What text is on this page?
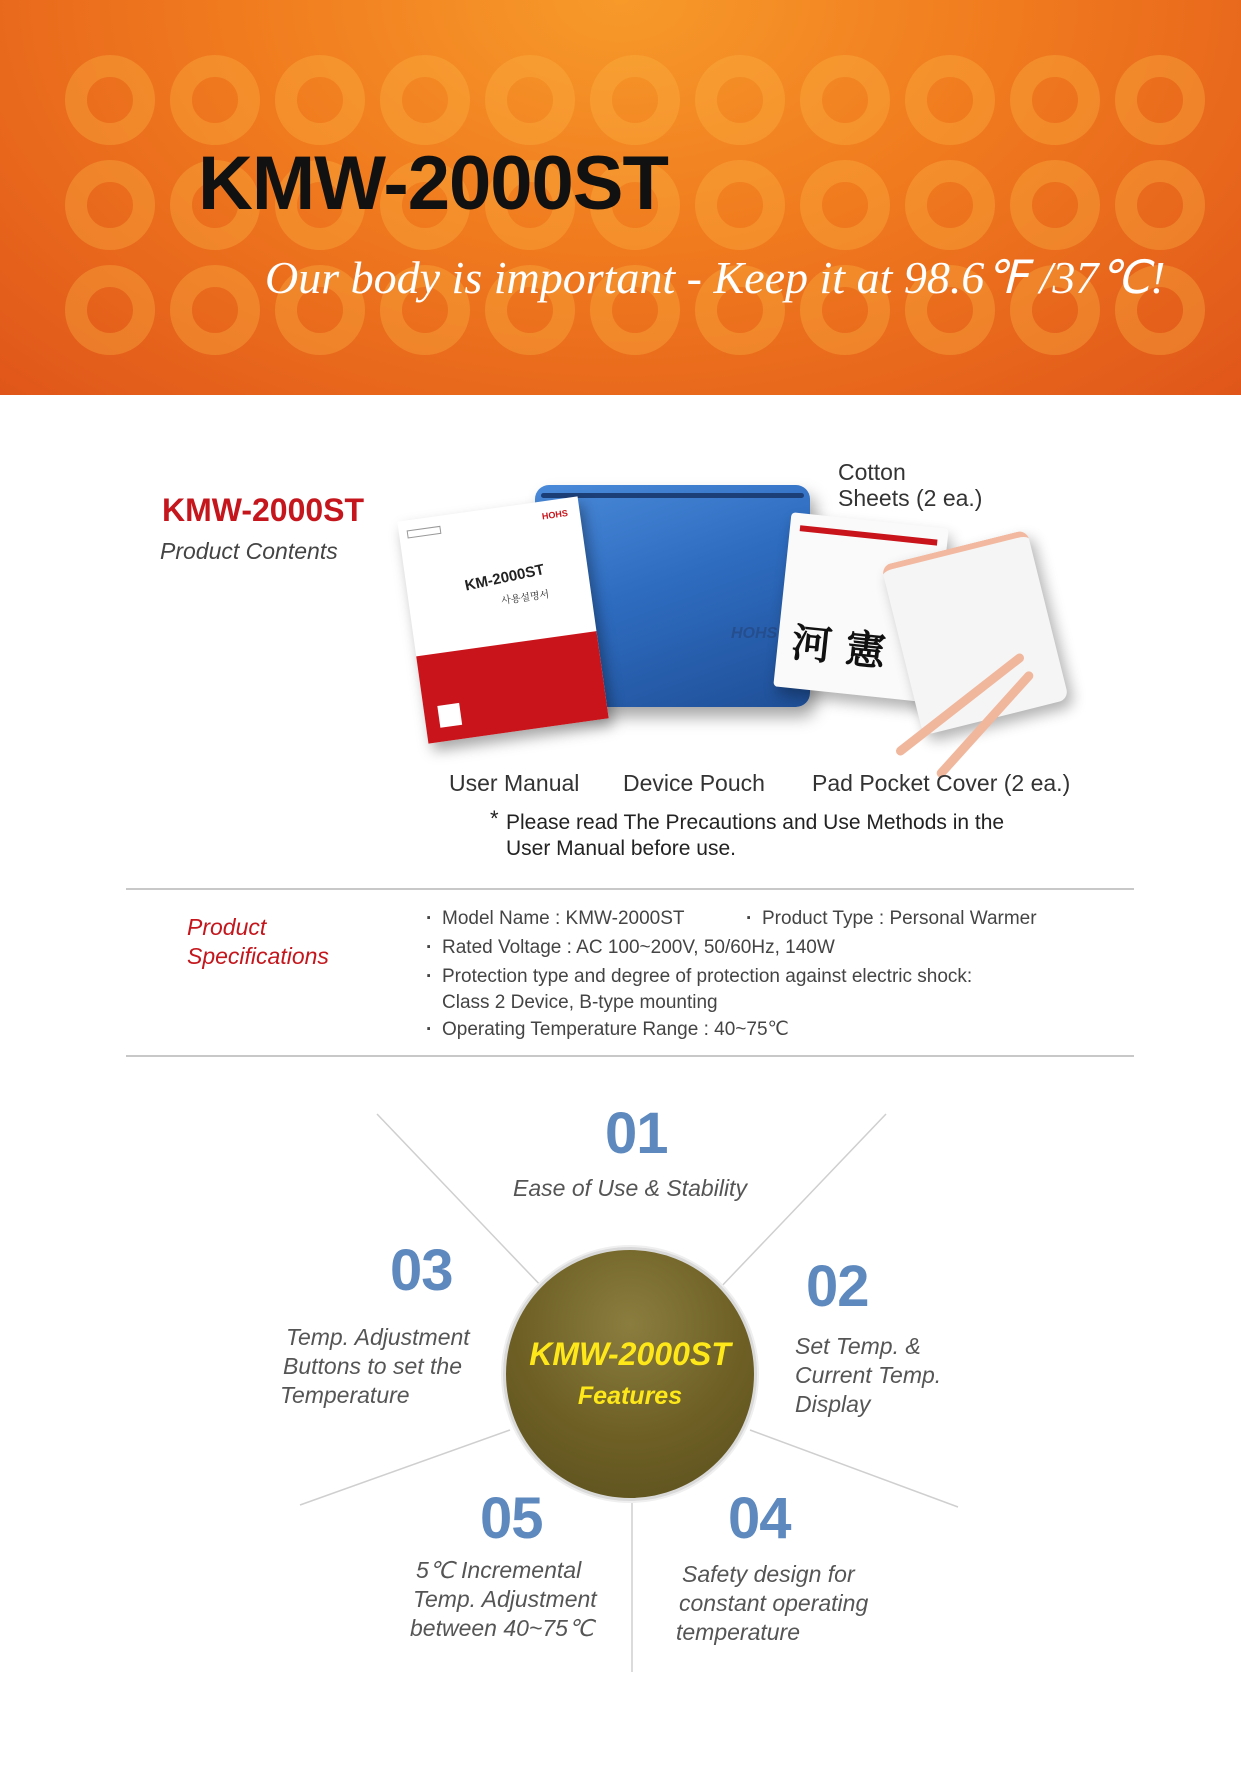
KMW-2000ST
Our body is important - Keep it at 98.6℉ /37℃!
KMW-2000ST
Product Contents
Cotton
Sheets (2 ea.)
HOHS
HOHS
KM-2000ST
사용설명서
河 憲
User Manual Device Pouch Pad Pocket Cover (2 ea.)
* Please read The Precautions and Use Methods in the
User Manual before use.
Product
Specifications
· Model Name : KMW-2000ST
·	Product Type : Personal Warmer
· Rated Voltage : AC 100~200V, 50/60Hz, 140W
· Protection type and degree of protection against electric shock:
Class 2 Device, B-type mounting
· Operating Temperature Range : 40~75℃
KMW-2000ST
Features
01
Ease of Use & Stability
02
Set Temp. &
Current Temp.
Display
03
Temp. Adjustment
Buttons to set the
Temperature
05
5℃ Incremental
Temp. Adjustment
between 40~75℃
04
Safety design for
constant operating
temperature
